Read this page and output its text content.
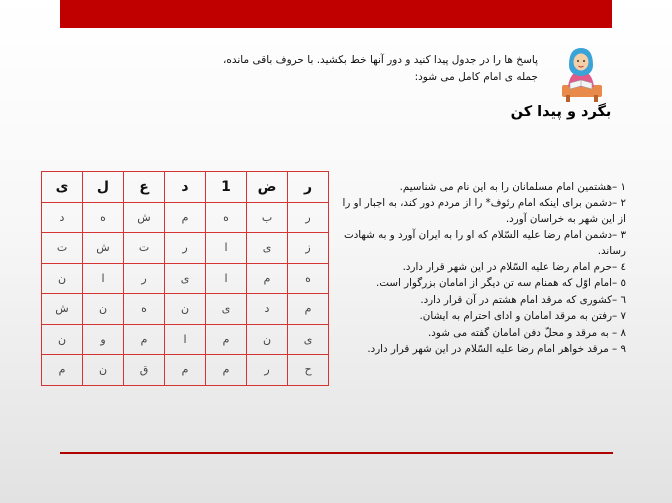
پاسخ ها را در جدول پیدا کنید و دور آنها خط بکشید. با حروف باقی مانده،
جمله ی امام کامل می شود:
بگرد و پیدا کن
ی	ل	ع	د	1	ض	ر
د	ه	ش	م	ه	ب	ر
ت	ش	ت	ر	ا	ی	ز
ن	ا	ر	ی	ا	م	ه
ش	ن	ه	ن	ی	د	م
ن	و	م	ا	م	ن	ی
م	ن	ق	م	م	ر	ح
١ –هشتمین امام مسلمانان را به این نام می شناسیم.
٢ –دشمن برای اینکه امام رئوف* را از مردم دور کند، به اجبار او را از این شهر به خراسان آورد.
٣ –دشمن امام رضا علیه السّلام که او را به ایران آورد و به شهادت رساند.
٤ –حرم امام رضا علیه السّلام در این شهر قرار دارد.
٥ –امام اوّل که همنام سه تن دیگر از امامان بزرگوار است.
٦ –کشوری که مرقد امام هشتم در آن قرار دارد.
٧ –رفتن به مرقد امامان و ادای احترام به ایشان.
٨ – به مرقد و محلّ دفن امامان گفته می شود.
٩ – مرقد خواهر امام رضا علیه السّلام در این شهر قرار دارد.
